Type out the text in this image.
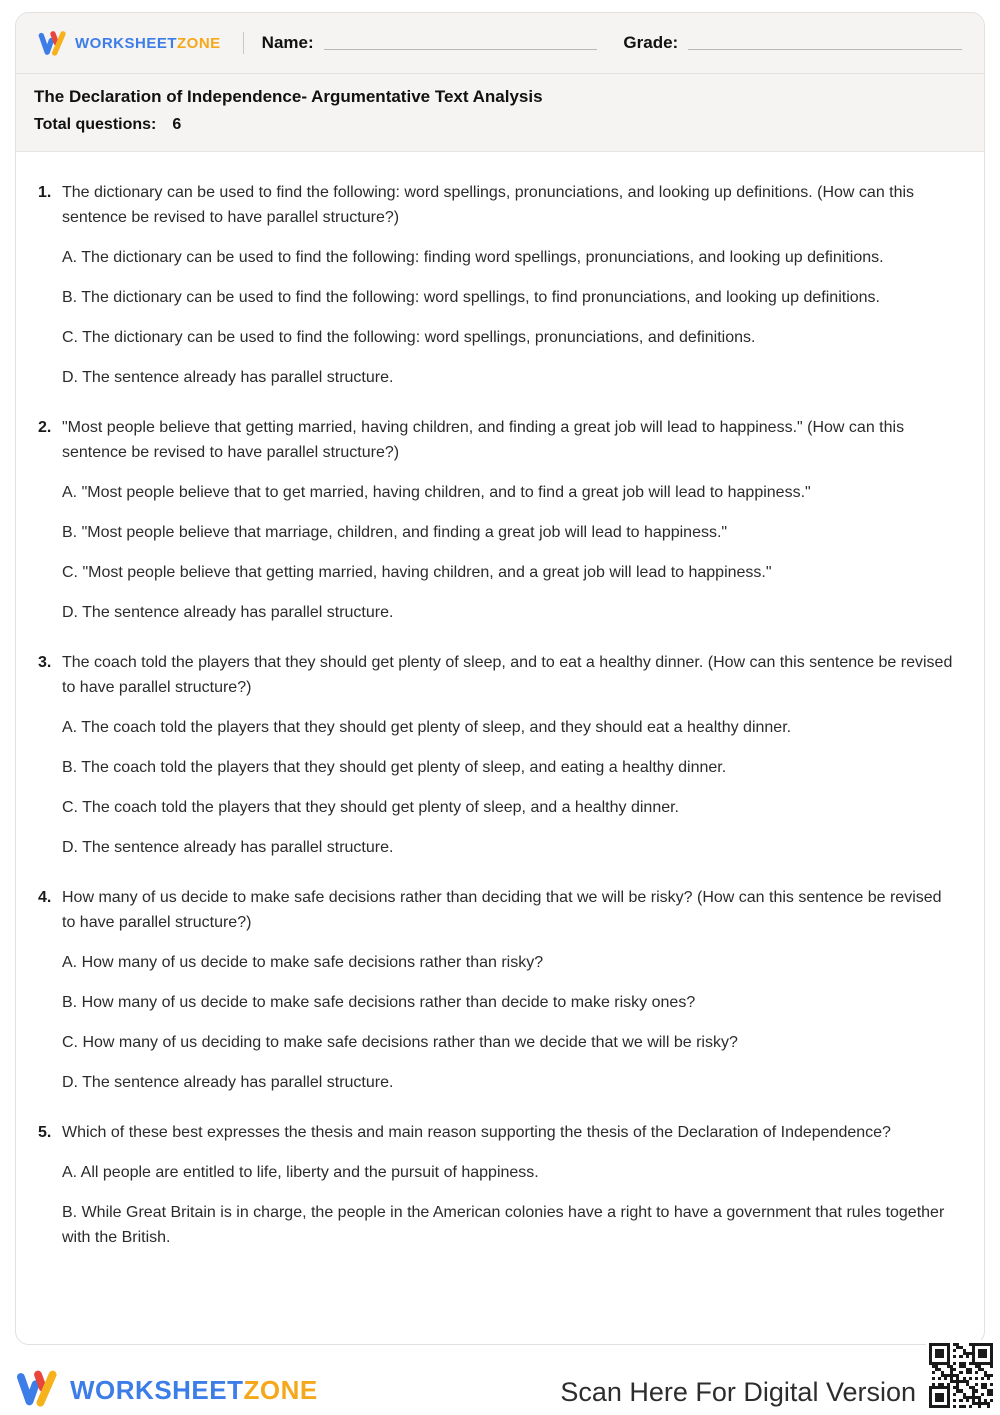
WORKSHEETZONE Name:	Grade:
The Declaration of Independence- Argumentative Text Analysis
Total questions: 6
1. The dictionary can be used to find the following: word spellings, pronunciations, and looking up definitions. (How can this sentence be revised to have parallel structure?)
A. The dictionary can be used to find the following: finding word spellings, pronunciations, and looking up definitions.
B. The dictionary can be used to find the following: word spellings, to find pronunciations, and looking up definitions.
C. The dictionary can be used to find the following: word spellings, pronunciations, and definitions.
D. The sentence already has parallel structure.
2. "Most people believe that getting married, having children, and finding a great job will lead to happiness." (How can this sentence be revised to have parallel structure?)
A. "Most people believe that to get married, having children, and to find a great job will lead to happiness."
B. "Most people believe that marriage, children, and finding a great job will lead to happiness."
C. "Most people believe that getting married, having children, and a great job will lead to happiness."
D. The sentence already has parallel structure.
3. The coach told the players that they should get plenty of sleep, and to eat a healthy dinner. (How can this sentence be revised to have parallel structure?)
A. The coach told the players that they should get plenty of sleep, and they should eat a healthy dinner.
B. The coach told the players that they should get plenty of sleep, and eating a healthy dinner.
C. The coach told the players that they should get plenty of sleep, and a healthy dinner.
D. The sentence already has parallel structure.
4. How many of us decide to make safe decisions rather than deciding that we will be risky? (How can this sentence be revised to have parallel structure?)
A. How many of us decide to make safe decisions rather than risky?
B. How many of us decide to make safe decisions rather than decide to make risky ones?
C. How many of us deciding to make safe decisions rather than we decide that we will be risky?
D. The sentence already has parallel structure.
5. Which of these best expresses the thesis and main reason supporting the thesis of the Declaration of Independence?
A. All people are entitled to life, liberty and the pursuit of happiness.
B. While Great Britain is in charge, the people in the American colonies have a right to have a government that rules together with the British.
WORKSHEETZONE	Scan Here For Digital Version
